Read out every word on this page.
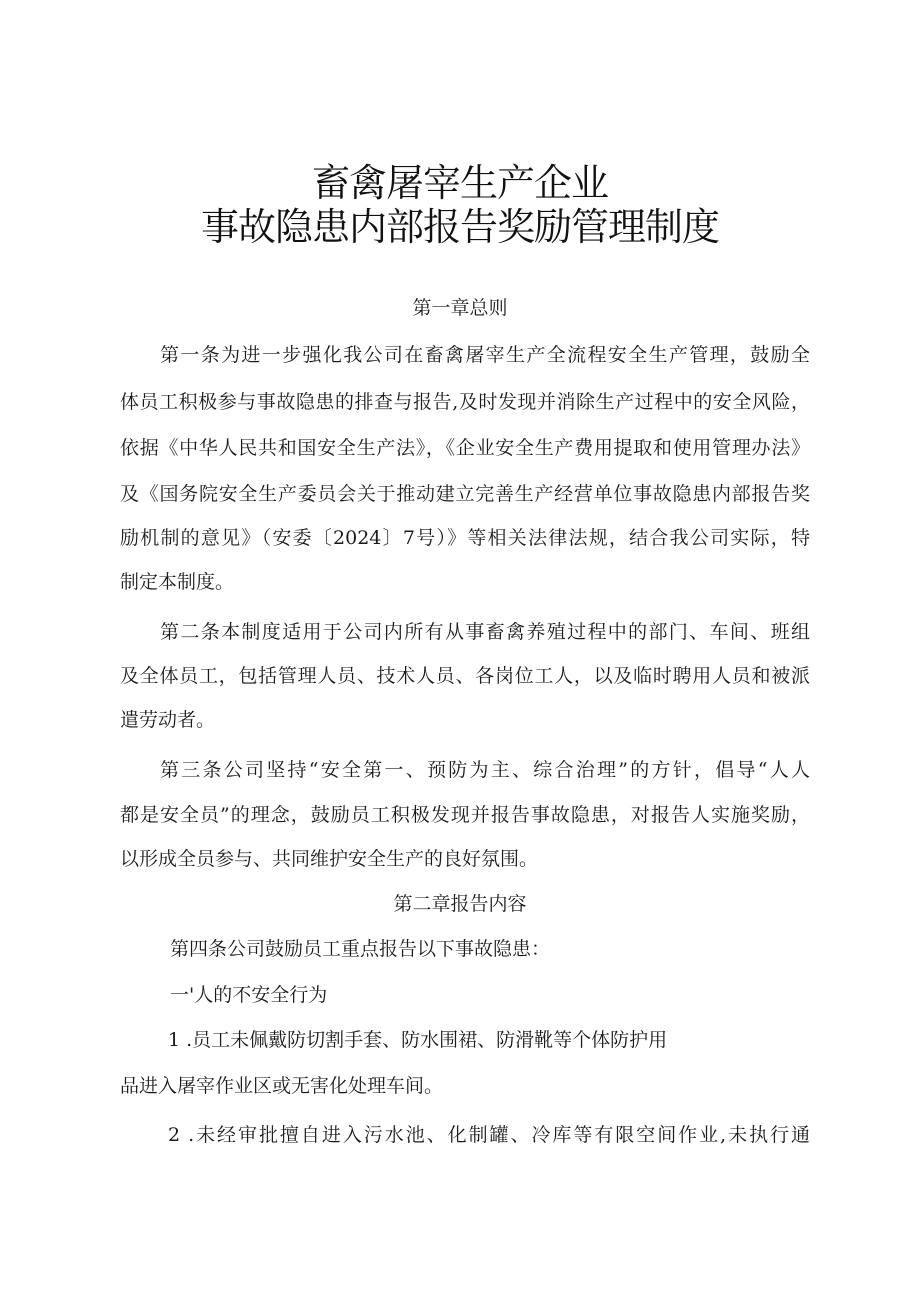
畜禽屠宰生产企业
事故隐患内部报告奖励管理制度
第一章总则
第一条为进一步强化我公司在畜禽屠宰生产全流程安全生产管理，鼓励全
体员工积极参与事故隐患的排查与报告,及时发现并消除生产过程中的安全风险，
依据《中华人民共和国安全生产法》，《企业安全生产费用提取和使用管理办法》
及《国务院安全生产委员会关于推动建立完善生产经营单位事故隐患内部报告奖
励机制的意见》（安委〔2024〕7号）》等相关法律法规，结合我公司实际，特
制定本制度。
第二条本制度适用于公司内所有从事畜禽养殖过程中的部门、车间、班组
及全体员工，包括管理人员、技术人员、各岗位工人，以及临时聘用人员和被派
遣劳动者。
第三条公司坚持“安全第一、预防为主、综合治理”的方针，倡导“人人
都是安全员”的理念，鼓励员工积极发现并报告事故隐患，对报告人实施奖励，
以形成全员参与、共同维护安全生产的良好氛围。
第二章报告内容
第四条公司鼓励员工重点报告以下事故隐患：
一'人的不安全行为
1 .员工未佩戴防切割手套、防水围裙、防滑靴等个体防护用
品进入屠宰作业区或无害化处理车间。
2 .未经审批擅自进入污水池、化制罐、冷库等有限空间作业,未执行通
